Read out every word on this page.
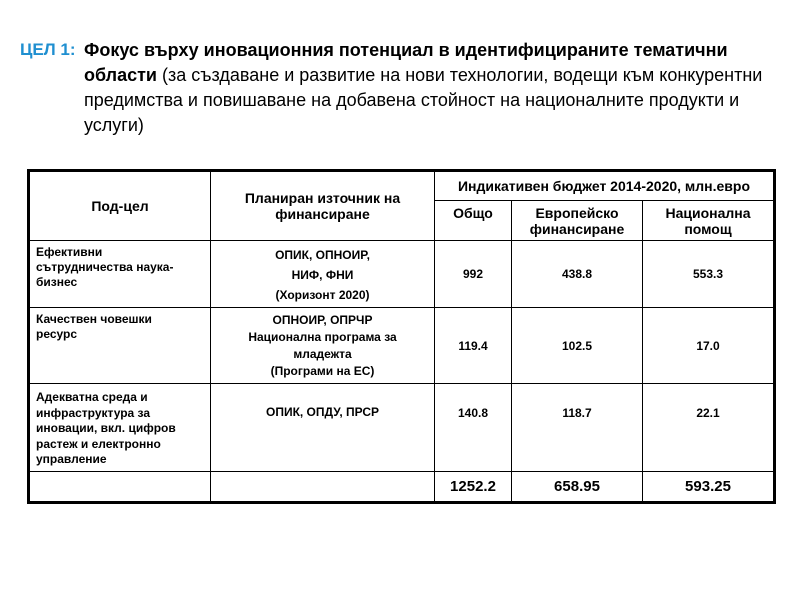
ЦЕЛ 1: Фокус върху иновационния потенциал в идентифицираните тематични области (за създаване и развитие на нови технологии, водещи към конкурентни предимства и повишаване на добавена стойност на националните продукти и услуги)
Под-цел	Планиран източник на финансиране	Индикативен бюджет 2014-2020, млн.евро		
		Общо	Европейско финансиране	Национална помощ

Ефективни
сътрудничества наука-
бизнес	ОПИК, ОПНОИР,
НИФ, ФНИ
(Хоризонт 2020)	992	438.8	553.3

Качествен човешки
ресурс	ОПНОИР, ОПРЧР
Национална програма за
младежта
(Програми на ЕС)	119.4	102.5	17.0

Адекватна среда и
инфраструктура за
иновации, вкл. цифров
растеж и електронно
управление	ОПИК, ОПДУ, ПРСР	140.8	118.7	22.1
		1252.2	658.95	593.25
